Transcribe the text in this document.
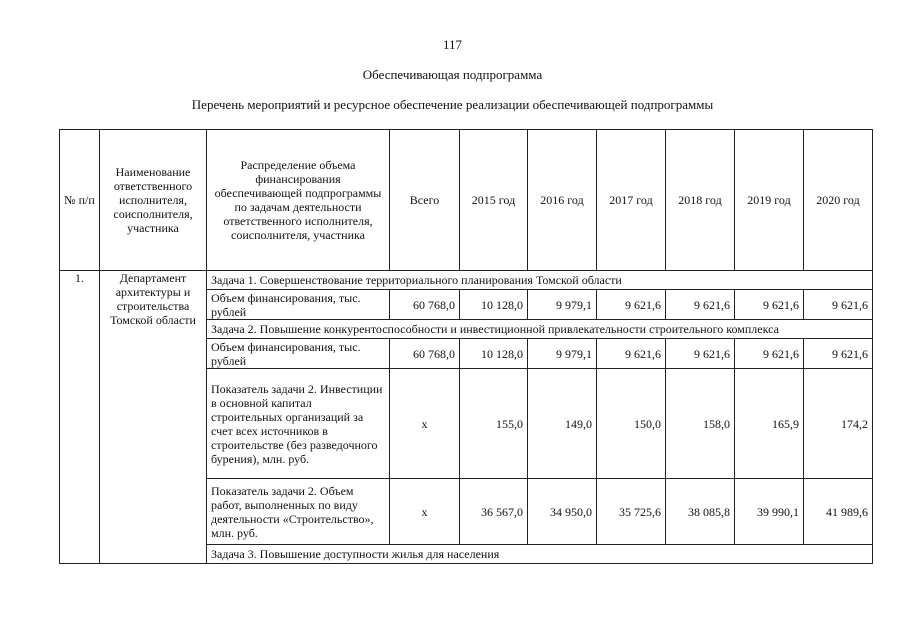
117
Обеспечивающая подпрограмма
Перечень мероприятий и ресурсное обеспечение реализации обеспечивающей подпрограммы
№ п/п	Наименование ответственного исполнителя, соисполнителя, участника	Распределение объема финансирования обеспечивающей подпрограммы по задачам деятельности ответственного исполнителя, соисполнителя, участника	Всего	2015 год	2016 год	2017 год	2018 год	2019 год	2020 год
1.	Департамент архитектуры и строительства Томской области	Задача 1. Совершенствование территориального планирования Томской области							
		Объем финансирования, тыс. рублей	60 768,0	10 128,0	9 979,1	9 621,6	9 621,6	9 621,6	9 621,6
		Задача 2. Повышение конкурентоспособности и инвестиционной привлекательности строительного комплекса							
		Объем финансирования, тыс. рублей	60 768,0	10 128,0	9 979,1	9 621,6	9 621,6	9 621,6	9 621,6
		Показатель задачи 2. Инвестиции в основной капитал строительных организаций за счет всех источников в строительстве (без разведочного бурения), млн. руб.	х	155,0	149,0	150,0	158,0	165,9	174,2
		Показатель задачи 2. Объем работ, выполненных по виду деятельности «Строительство», млн. руб.	х	36 567,0	34 950,0	35 725,6	38 085,8	39 990,1	41 989,6
		Задача 3. Повышение доступности жилья для населения							
